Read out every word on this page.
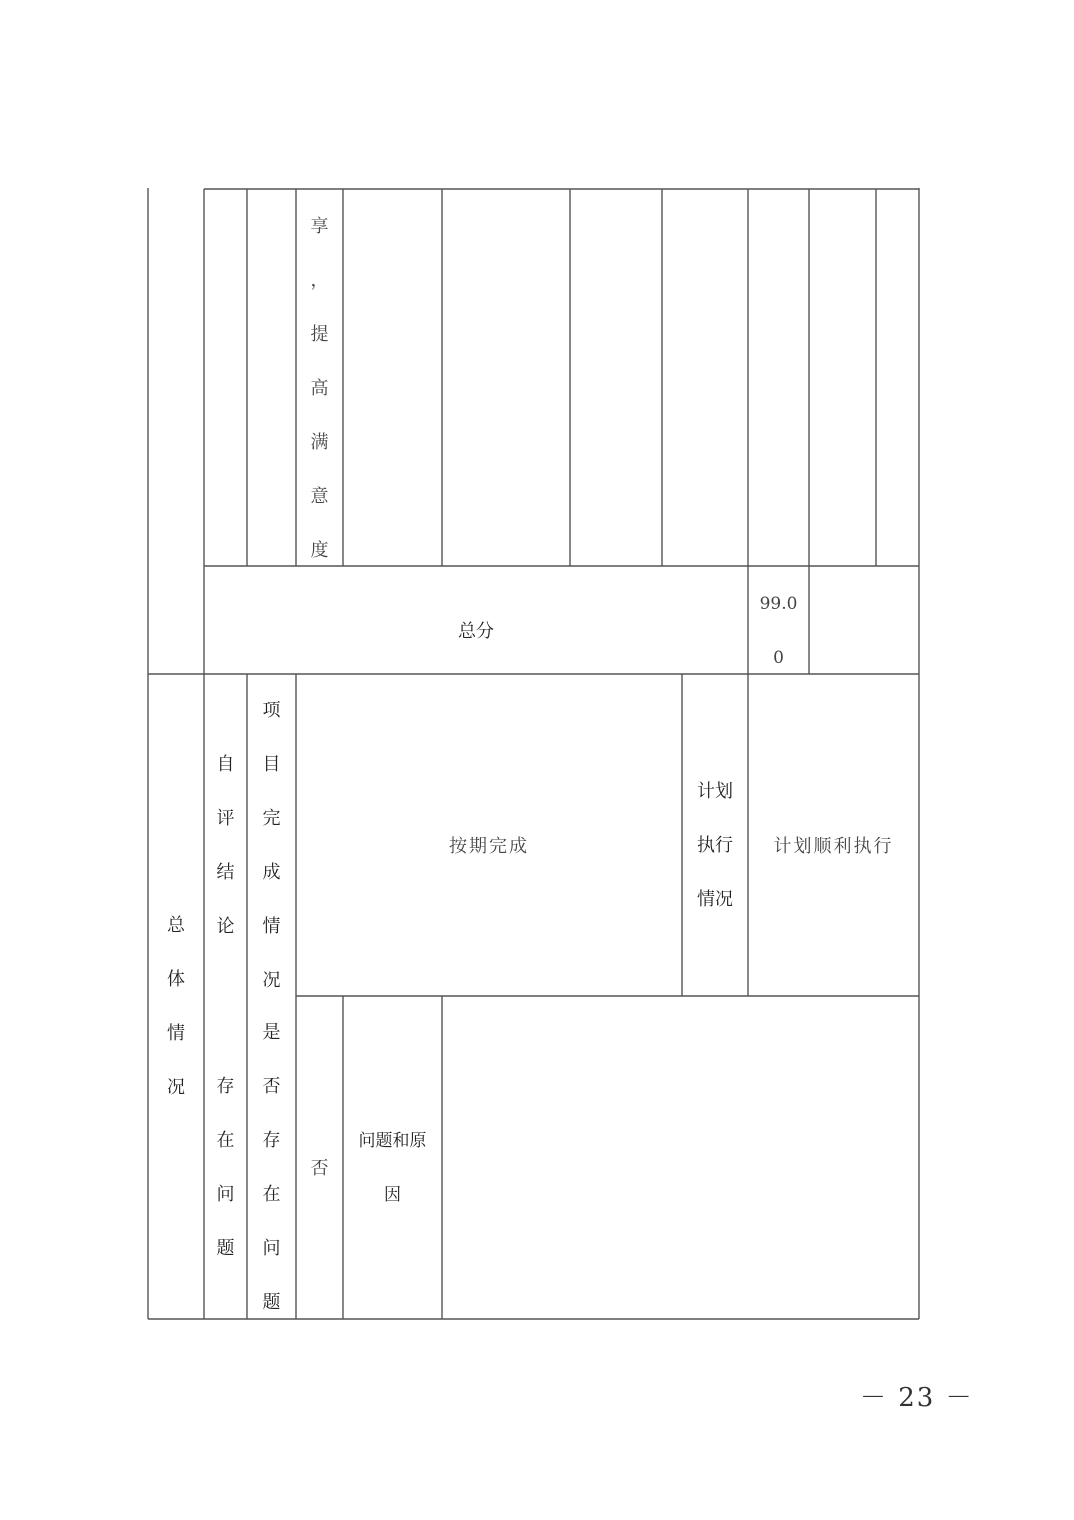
享
，
提
高
满
意
度
总分
99.0
0
总
体
情
况
自
评
结
论
项
目
完
成
情
况
按期完成
计划
执行
情况
计划顺利执行
存
在
问
题
是
否
存
在
问
题
否
问题和原
因
－ 23 －
